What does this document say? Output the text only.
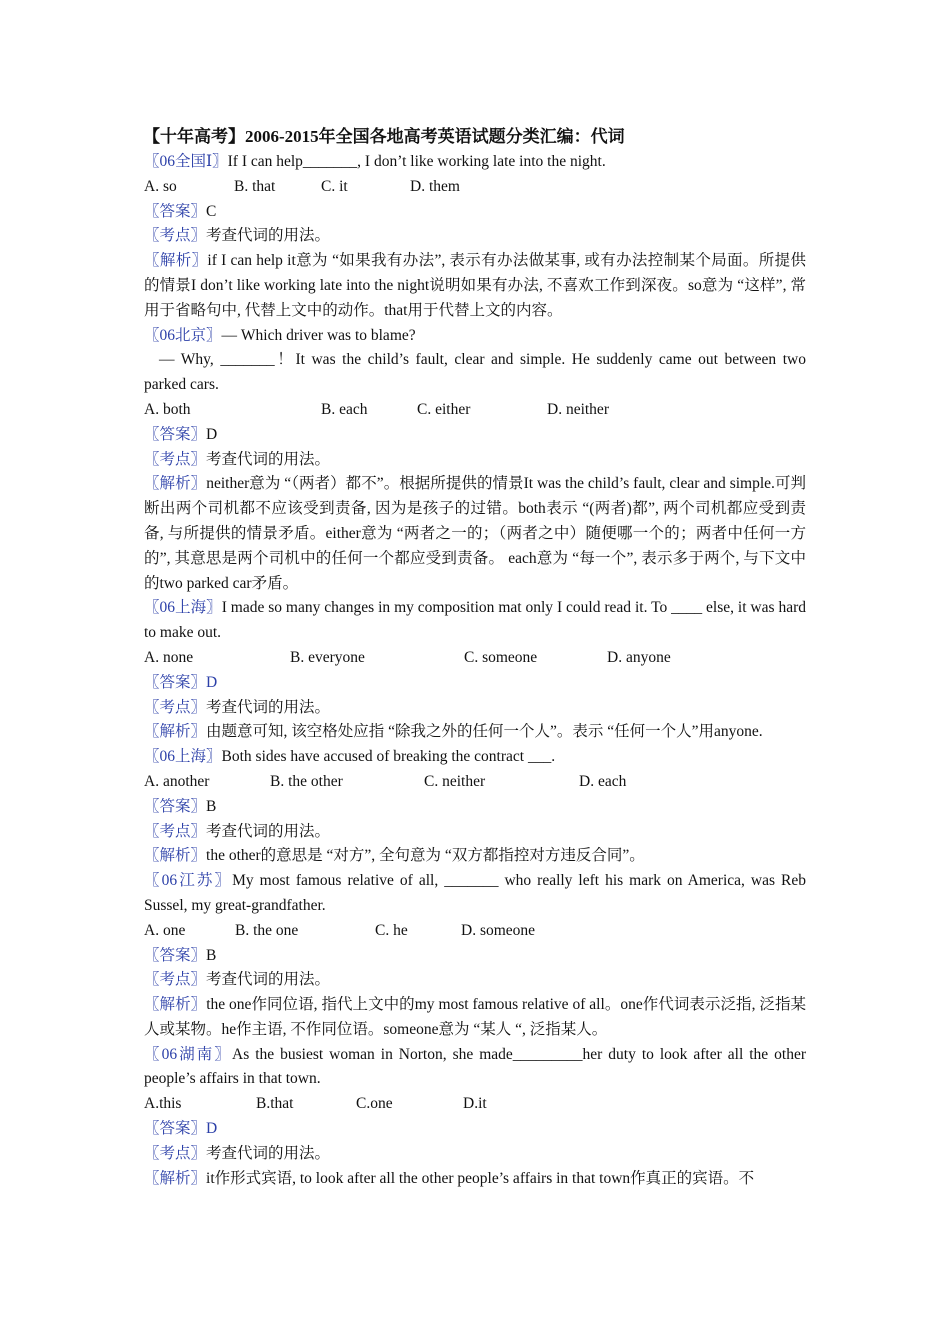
【十年高考】2006-2015年全国各地高考英语试题分类汇编：代词

〖06全国Ⅰ〗If I can help_______, I don’t like working late into the night.

A. so	B. that	C. it	D. them

〖答案〗C

〖考点〗考查代词的用法。

〖解析〗if I can help it意为 “如果我有办法”, 表示有办法做某事, 或有办法控制某个局面。所提供的情景I don’t like working late into the night说明如果有办法, 不喜欢工作到深夜。so意为 “这样”, 常用于省略句中, 代替上文中的动作。that用于代替上文的内容。

〖06北京〗— Which driver was to blame?

— Why, _______！It was the child’s fault, clear and simple. He suddenly came out between two parked cars.

A. both	B. each	C. either	D. neither

〖答案〗D

〖考点〗考查代词的用法。

〖解析〗neither意为 “（两者）都不”。根据所提供的情景It was the child’s fault, clear and simple.可判断出两个司机都不应该受到责备, 因为是孩子的过错。both表示 “(两者)都”, 两个司机都应受到责备, 与所提供的情景矛盾。either意为 “两者之一的；（两者之中）随便哪一个的；两者中任何一方的”, 其意思是两个司机中的任何一个都应受到责备。 each意为 “每一个”, 表示多于两个, 与下文中的two parked car矛盾。

〖06上海〗I made so many changes in my composition mat only I could read it. To ____ else, it was hard to make out.

A. none	B. everyone	C. someone	D. anyone

〖答案〗D

〖考点〗考查代词的用法。

〖解析〗由题意可知, 该空格处应指 “除我之外的任何一个人”。表示 “任何一个人”用anyone.

〖06上海〗Both sides have accused of breaking the contract ___.

A. another	B. the other	C. neither	D. each

〖答案〗B

〖考点〗考查代词的用法。

〖解析〗the other的意思是 “对方”, 全句意为 “双方都指控对方违反合同”。

〖06江苏〗My most famous relative of all, _______ who really left his mark on America, was Reb Sussel, my great-grandfather.

A. one	B. the one	C. he	D. someone

〖答案〗B

〖考点〗考查代词的用法。

〖解析〗the one作同位语, 指代上文中的my most famous relative of all。one作代词表示泛指, 泛指某人或某物。he作主语, 不作同位语。someone意为 “某人 “, 泛指某人。

〖06湖南〗As the busiest woman in Norton, she made_________her duty to look after all the other people’s affairs in that town.

A.this	B.that	C.one	D.it

〖答案〗D

〖考点〗考查代词的用法。

〖解析〗it作形式宾语, to look after all the other people’s affairs in that town作真正的宾语。不
